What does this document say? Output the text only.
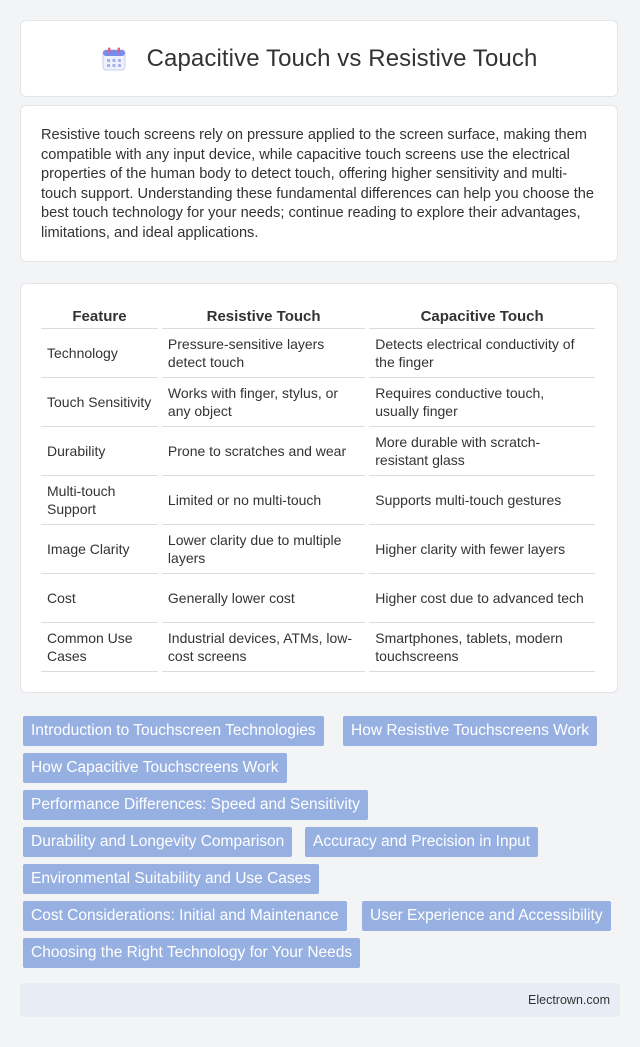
Capacitive Touch vs Resistive Touch

Resistive touch screens rely on pressure applied to the screen surface, making them compatible with any input device, while capacitive touch screens use the electrical properties of the human body to detect touch, offering higher sensitivity and multi-touch support. Understanding these fundamental differences can help you choose the best touch technology for your needs; continue reading to explore their advantages, limitations, and ideal applications.

Feature	Resistive Touch	Capacitive Touch
Technology	Pressure-sensitive layers detect touch	Detects electrical conductivity of the finger
Touch Sensitivity	Works with finger, stylus, or any object	Requires conductive touch, usually finger
Durability	Prone to scratches and wear	More durable with scratch-resistant glass
Multi-touch Support	Limited or no multi-touch	Supports multi-touch gestures
Image Clarity	Lower clarity due to multiple layers	Higher clarity with fewer layers
Cost	Generally lower cost	Higher cost due to advanced tech
Common Use Cases	Industrial devices, ATMs, low-cost screens	Smartphones, tablets, modern touchscreens
Introduction to Touchscreen Technologies	How Resistive Touchscreens Work
How Capacitive Touchscreens Work
Performance Differences: Speed and Sensitivity
Durability and Longevity Comparison	Accuracy and Precision in Input
Environmental Suitability and Use Cases
Cost Considerations: Initial and Maintenance	User Experience and Accessibility
Choosing the Right Technology for Your Needs
Electrown.com
